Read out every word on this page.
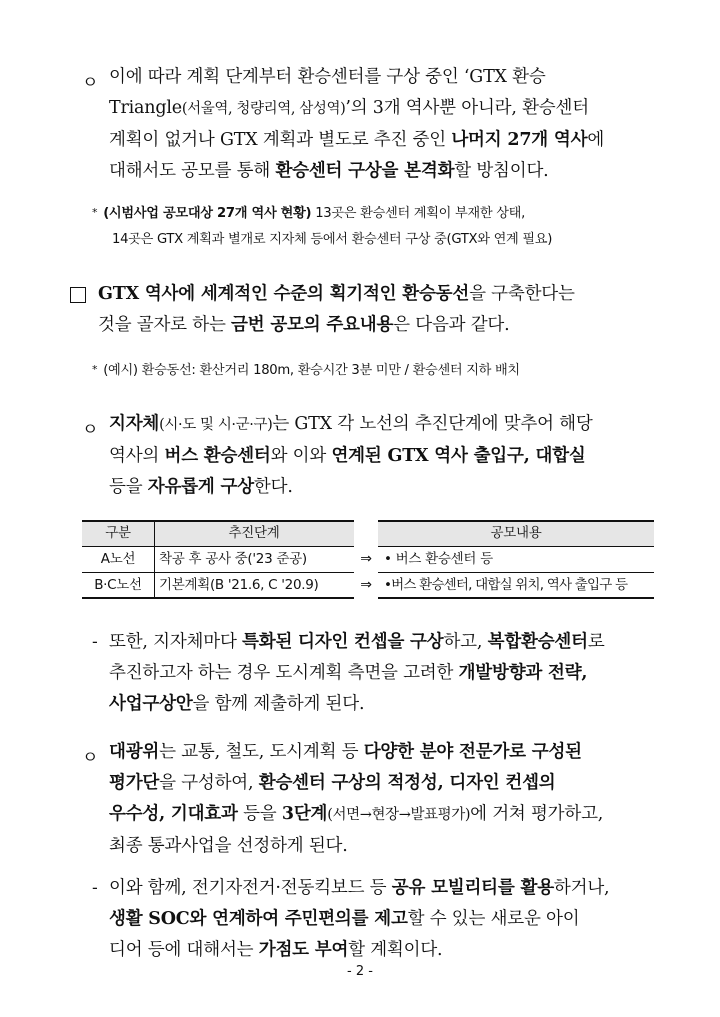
ㅇ 이에 따라 계획 단계부터 환승센터를 구상 중인 ‘GTX 환승
Triangle(서울역, 청량리역, 삼성역)’의 3개 역사뿐 아니라, 환승센터
계획이 없거나 GTX 계획과 별도로 추진 중인 나머지 27개 역사에
대해서도 공모를 통해 환승센터 구상을 본격화할 방침이다.
* (시범사업 공모대상 27개 역사 현황) 13곳은 환승센터 계획이 부재한 상태,
14곳은 GTX 계획과 별개로 지자체 등에서 환승센터 구상 중(GTX와 연계 필요)
GTX 역사에 세계적인 수준의 획기적인 환승동선을 구축한다는
것을 골자로 하는 금번 공모의 주요내용은 다음과 같다.
* (예시) 환승동선: 환산거리 180m, 환승시간 3분 미만 / 환승센터 지하 배치
ㅇ 지자체(시·도 및 시·군·구)는 GTX 각 노선의 추진단계에 맞추어 해당
역사의 버스 환승센터와 이와 연계된 GTX 역사 출입구, 대합실
등을 자유롭게 구상한다.
구분	추진단계	공모내용
A노선	착공 후 공사 중('23 준공)	⇒ • 버스 환승센터 등
B·C노선	기본계획(B '21.6, C '20.9)	⇒ •버스 환승센터, 대합실 위치, 역사 출입구 등
- 또한, 지자체마다 특화된 디자인 컨셉을 구상하고, 복합환승센터로
추진하고자 하는 경우 도시계획 측면을 고려한 개발방향과 전략,
사업구상안을 함께 제출하게 된다.
ㅇ 대광위는 교통, 철도, 도시계획 등 다양한 분야 전문가로 구성된
평가단을 구성하여, 환승센터 구상의 적정성, 디자인 컨셉의
우수성, 기대효과 등을 3단계(서면→현장→발표평가)에 거쳐 평가하고,
최종 통과사업을 선정하게 된다.
- 이와 함께, 전기자전거·전동킥보드 등 공유 모빌리티를 활용하거나,
생활 SOC와 연계하여 주민편의를 제고할 수 있는 새로운 아이
디어 등에 대해서는 가점도 부여할 계획이다.
- 2 -
